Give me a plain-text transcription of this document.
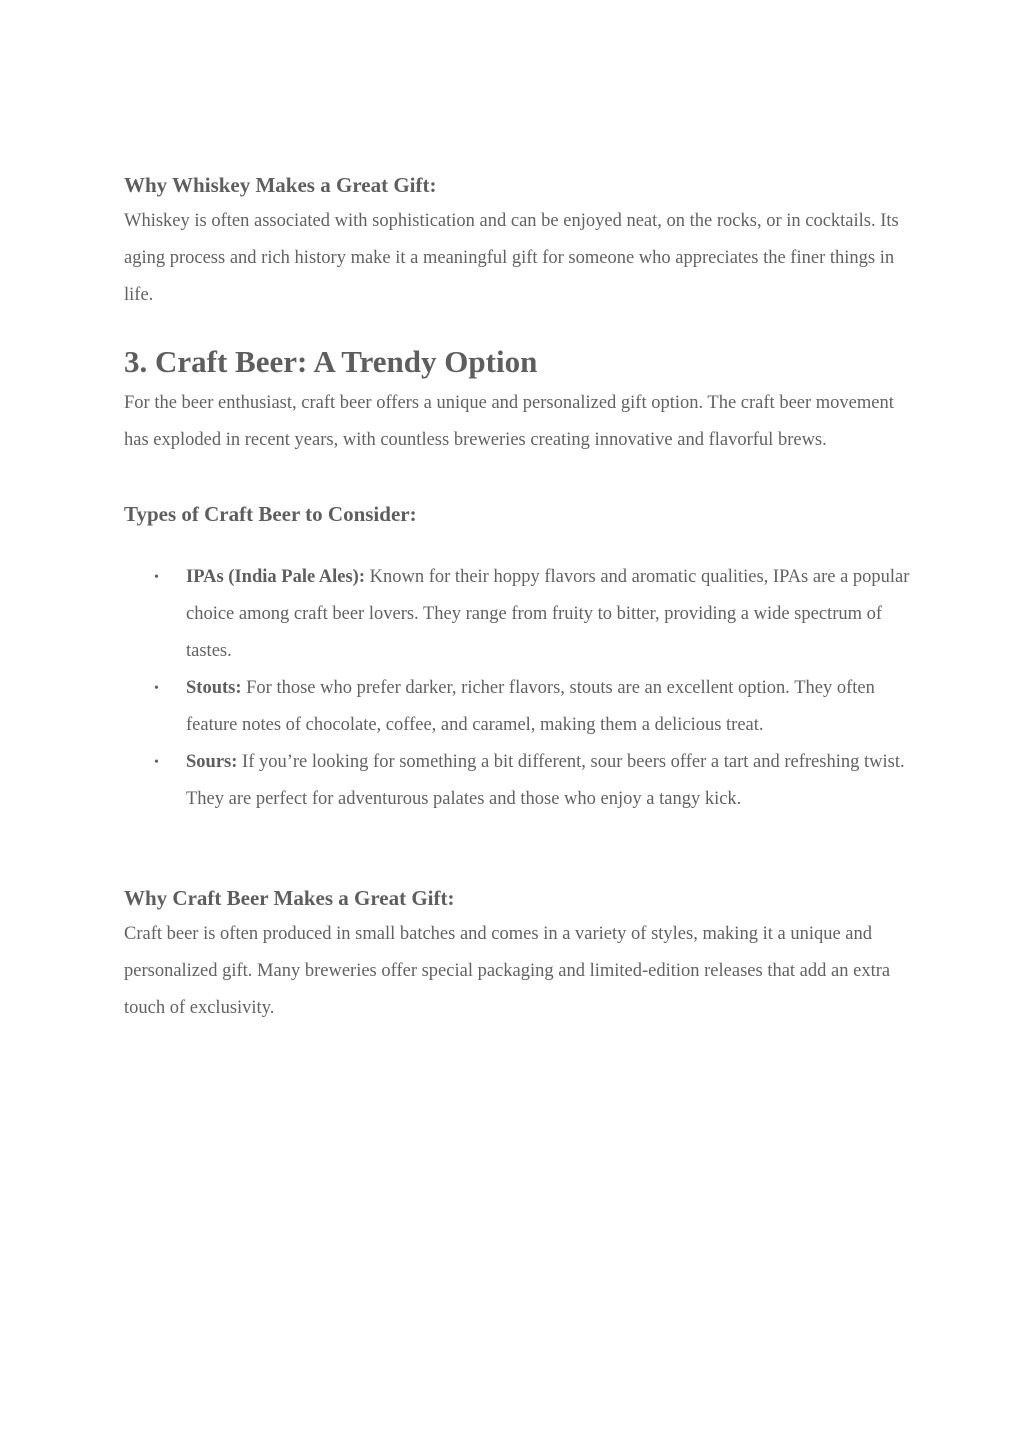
Why Whiskey Makes a Great Gift:

Whiskey is often associated with sophistication and can be enjoyed neat, on the rocks, or in cocktails. Its aging process and rich history make it a meaningful gift for someone who appreciates the finer things in life.

3. Craft Beer: A Trendy Option

For the beer enthusiast, craft beer offers a unique and personalized gift option. The craft beer movement has exploded in recent years, with countless breweries creating innovative and flavorful brews.

Types of Craft Beer to Consider:
• IPAs (India Pale Ales): Known for their hoppy flavors and aromatic qualities, IPAs are a popular choice among craft beer lovers. They range from fruity to bitter, providing a wide spectrum of tastes.
• Stouts: For those who prefer darker, richer flavors, stouts are an excellent option. They often feature notes of chocolate, coffee, and caramel, making them a delicious treat.
• Sours: If you’re looking for something a bit different, sour beers offer a tart and refreshing twist. They are perfect for adventurous palates and those who enjoy a tangy kick.
Why Craft Beer Makes a Great Gift:

Craft beer is often produced in small batches and comes in a variety of styles, making it a unique and personalized gift. Many breweries offer special packaging and limited-edition releases that add an extra touch of exclusivity.
